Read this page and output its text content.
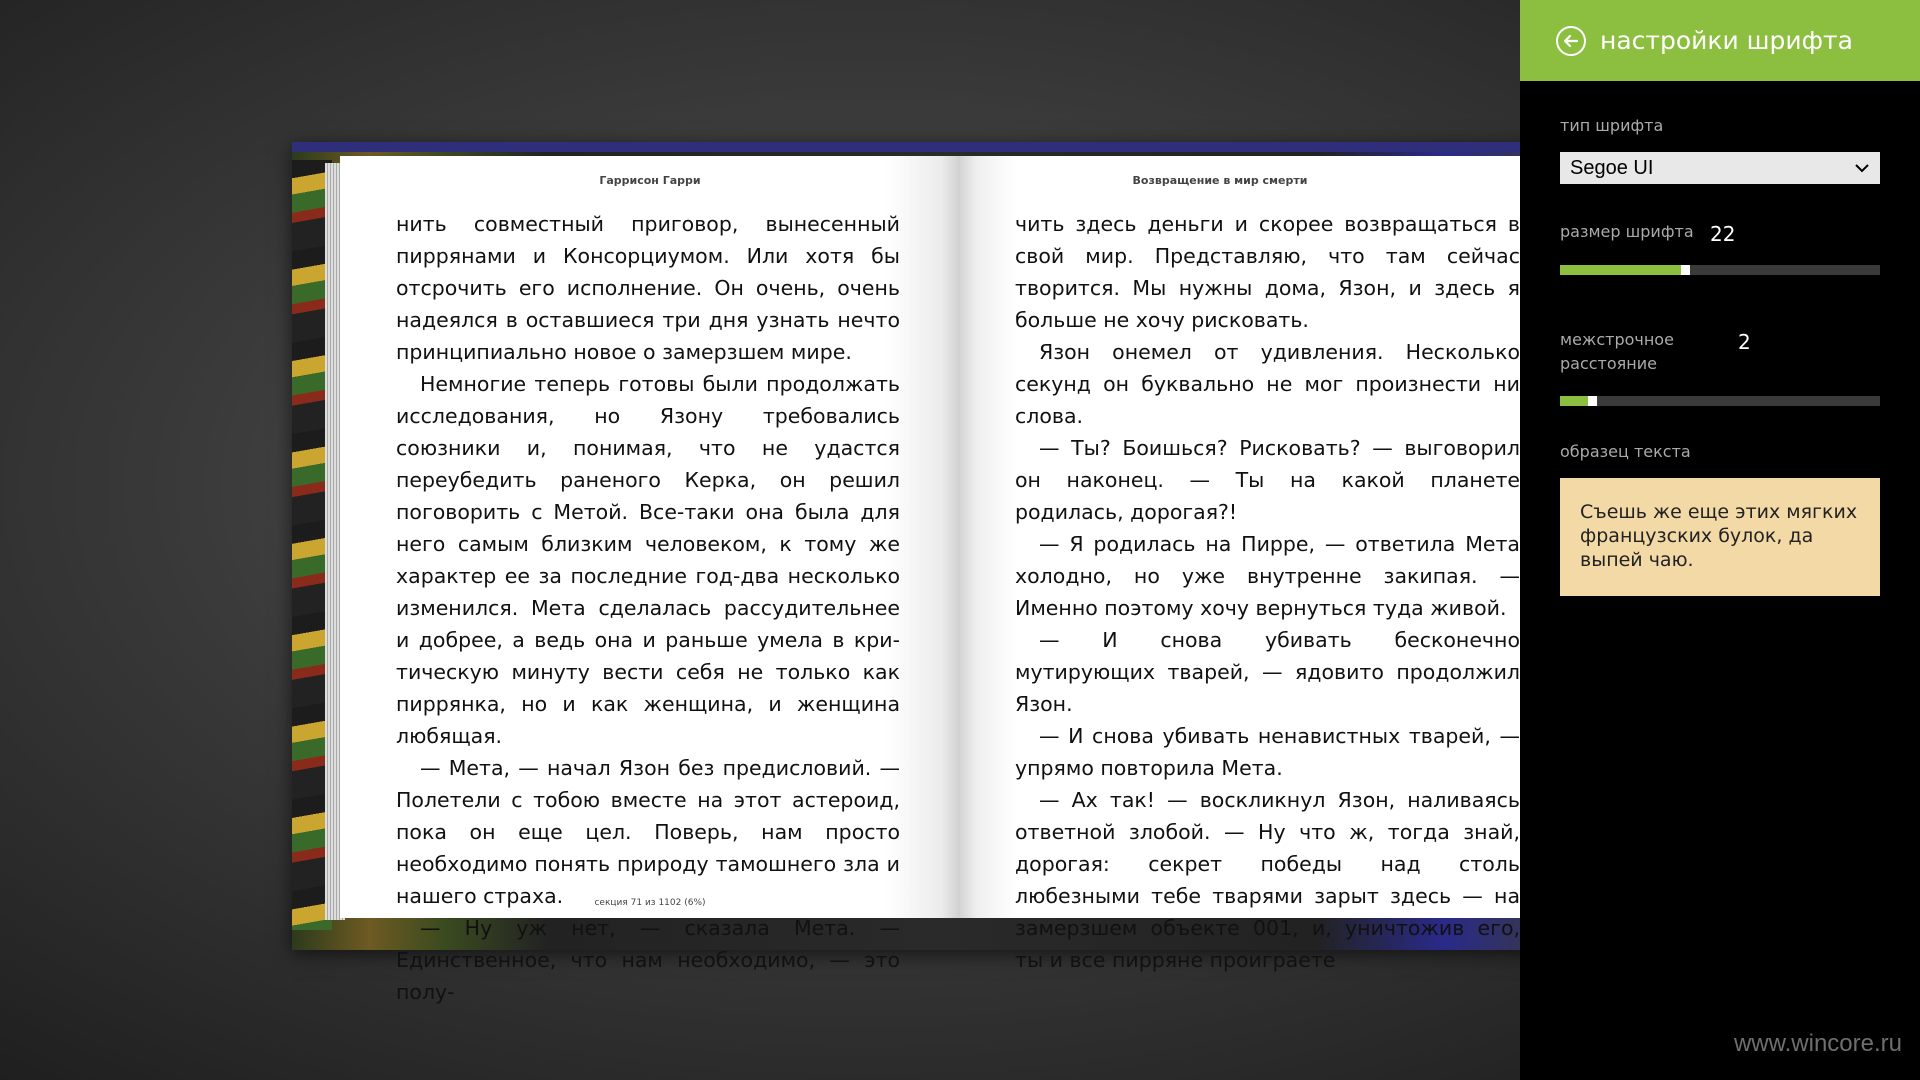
Гаррисон Гарри

нить совместный приговор, вынесенный пиррянами и Консорциумом. Или хотя бы отсрочить его исполнение. Он очень, очень надеялся в оставшиеся три дня узнать нечто принципиально новое о замерзшем мире.

Немногие теперь готовы были продолжать исследования, но Язону требовались союзники и, понимая, что не удастся переубедить раненого Керка, он решил поговорить с Метой. Все-таки она была для него самым близким человеком, к тому же характер ее за последние год-два несколько изменился. Мета сделалась рассудительнее и добрее, а ведь она и раньше умела в критическую минуту вести себя не только как пиррянка, но и как женщина, и женщина любящая.

— Мета, — начал Язон без предисловий. — Полетели с тобою вместе на этот астероид, пока он еще цел. Поверь, нам просто необходимо понять природу тамошнего зла и нашего страха.

— Ну уж нет, — сказала Мета. — Единственное, что нам необходимо, — это полу-

секция 71 из 1102 (6%)
Возвращение в мир смерти

чить здесь деньги и скорее возвращаться в свой мир. Представляю, что там сейчас творится. Мы нужны дома, Язон, и здесь я больше не хочу рисковать.

Язон онемел от удивления. Несколько секунд он буквально не мог произнести ни слова.

— Ты? Боишься? Рисковать? — выговорил он наконец. — Ты на какой планете родилась, дорогая?!

— Я родилась на Пирре, — ответила Мета холодно, но уже внутренне закипая. — Именно поэтому хочу вернуться туда живой.

— И снова убивать бесконечно мутирующих тварей, — ядовито продолжил Язон.

— И снова убивать ненавистных тварей, — упрямо повторила Мета.

— Ах так! — воскликнул Язон, наливаясь ответной злобой. — Ну что ж, тогда знай, дорогая: секрет победы над столь любезными тебе тварями зарыт здесь — на замерзшем объекте 001, и, уничтожив его, ты и все пирряне проиграете

настройки шрифта
тип шрифта
Segoe UI
размер шрифта 22
межстрочное расстояние
2
образец текста
Съешь же еще этих мягких французских булок, да выпей чаю.
www.wincore.ru
